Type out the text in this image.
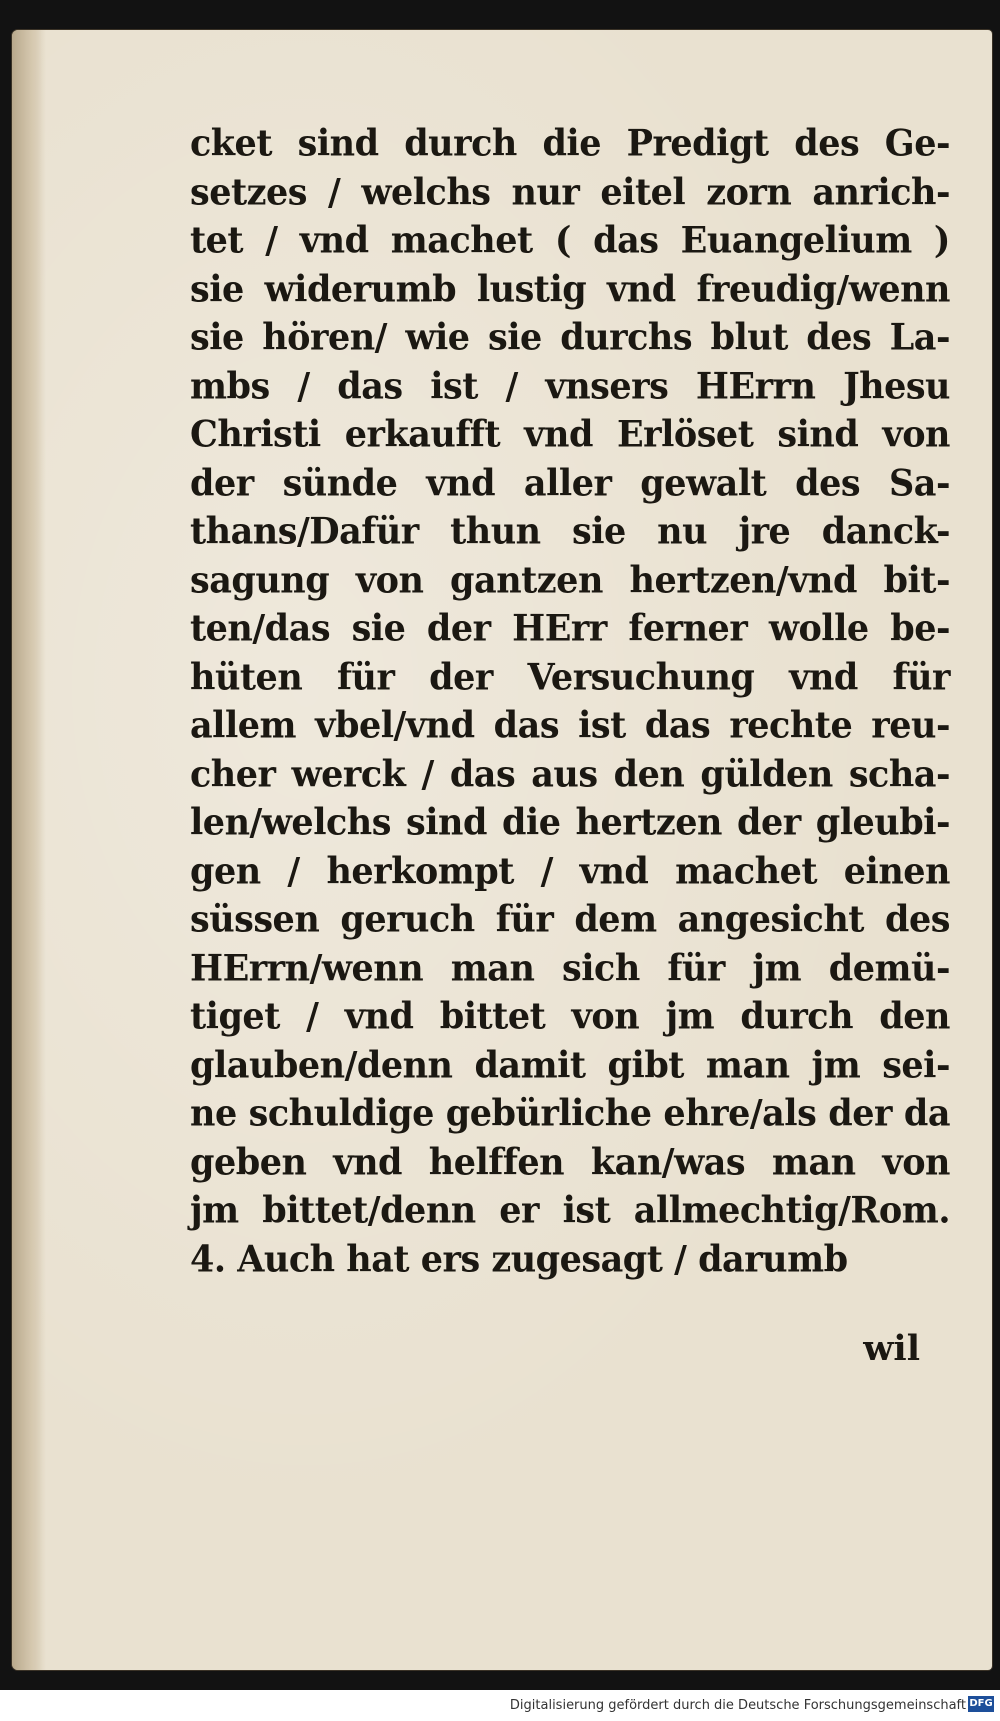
cket sind durch die Predigt des Ge-
setzes / welchs nur eitel zorn anrich-
tet / vnd machet ( das Euangelium )
sie widerumb lustig vnd freudig/wenn
sie hören/ wie sie durchs blut des La-
mbs / das ist / vnsers HErrn Jhesu
Christi erkaufft vnd Erlöset sind von
der sünde vnd aller gewalt des Sa-
thans/Dafür thun sie nu jre danck-
sagung von gantzen hertzen/vnd bit-
ten/das sie der HErr ferner wolle be-
hüten für der Versuchung vnd für
allem vbel/vnd das ist das rechte reu-
cher werck / das aus den gülden scha-
len/welchs sind die hertzen der gleubi-
gen / herkompt / vnd machet einen
süssen geruch für dem angesicht des
HErrn/wenn man sich für jm demü-
tiget / vnd bittet von jm durch den
glauben/denn damit gibt man jm sei-
ne schuldige gebürliche ehre/als der da
geben vnd helffen kan/was man von
jm bittet/denn er ist allmechtig/Rom.
4. Auch hat ers zugesagt / darumb
wil
Digitalisierung gefördert durch die Deutsche Forschungsgemeinschaft DFG
